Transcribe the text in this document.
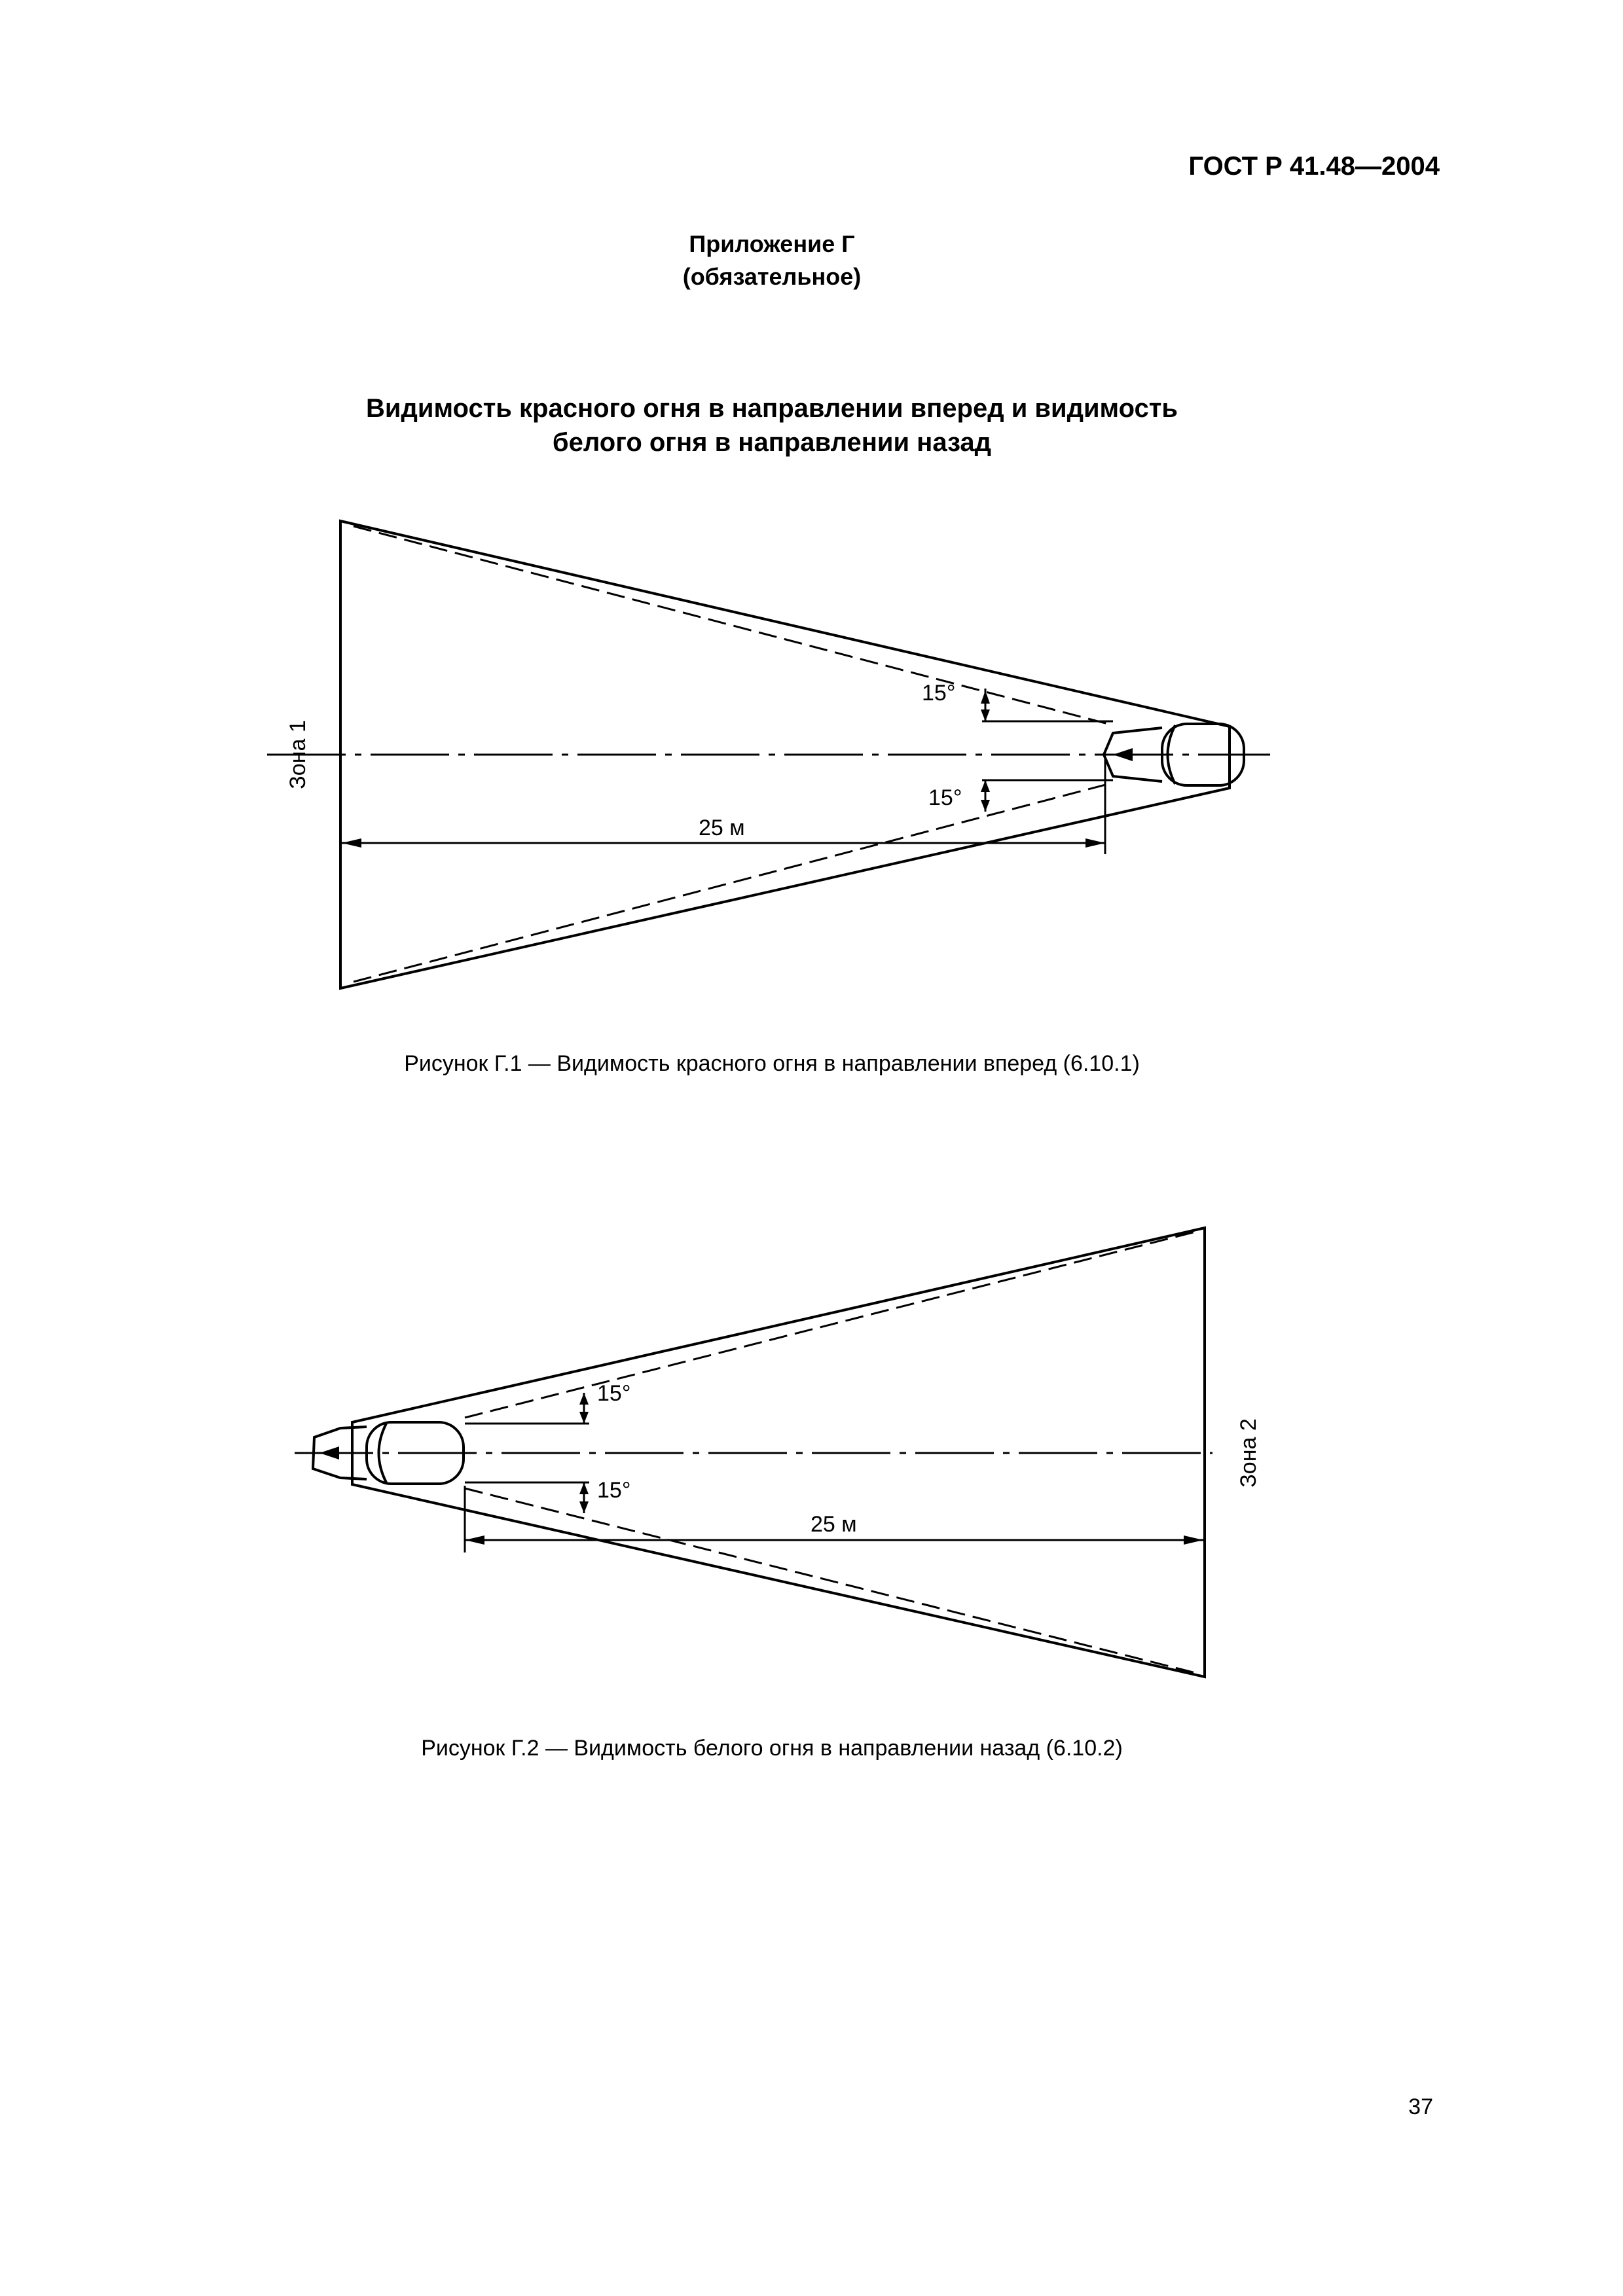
ГОСТ Р 41.48—2004
Приложение Г
(обязательное)
Видимость красного огня в направлении вперед и видимость
белого огня в направлении назад
15°
15°
25 м
Зона 1
Рисунок Г.1 — Видимость красного огня в направлении вперед (6.10.1)
15°
15°
25 м
Зона 2
Рисунок Г.2 — Видимость белого огня в направлении назад (6.10.2)
37
